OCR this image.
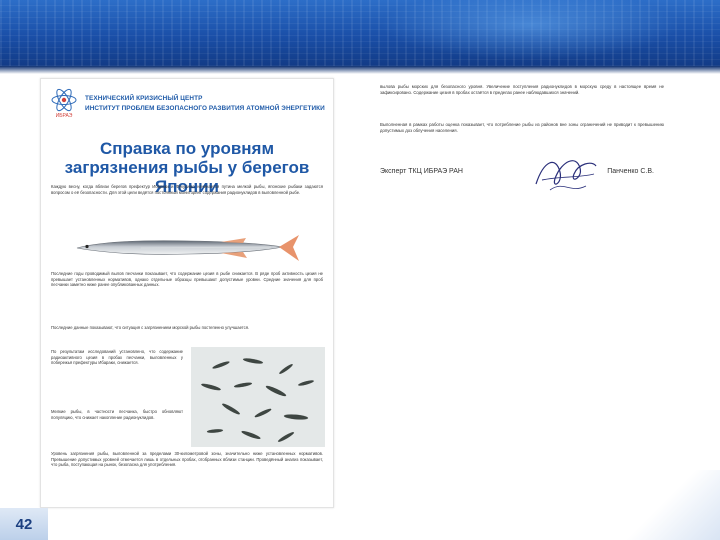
ИБРАЭ
ТЕХНИЧЕСКИЙ КРИЗИСНЫЙ ЦЕНТР
ИНСТИТУТ ПРОБЛЕМ БЕЗОПАСНОГО РАЗВИТИЯ АТОМНОЙ ЭНЕРГЕТИКИ
Справка по уровням загрязнения рыбы у берегов Японии
Каждую весну, когда вблизи берегов префектур Ибараки и Фукусима начинается путина мелкой рыбы, японские рыбаки задаются вопросом о её безопасности. Для этой цели ведётся постоянный мониторинг содержания радионуклидов в выловленной рыбе.
Последние годы проводимый вылов песчанки показывает, что содержание цезия в рыбе снижается. В ряде проб активность цезия не превышает установленных нормативов, однако отдельные образцы превышают допустимые уровни. Средние значения для проб песчанки заметно ниже ранее опубликованных данных.
Последние данные показывают, что ситуация с загрязнением морской рыбы постепенно улучшается.
По результатам исследований установлено, что содержание радиоактивного цезия в пробах песчанки, выловленных у побережья префектуры Ибараки, снижается.
Мелкие рыбы, в частности песчанка, быстро обновляют популяцию, что снижает накопление радионуклидов.
Уровень загрязнения рыбы, выловленной за пределами 30-километровой зоны, значительно ниже установленных нормативов. Превышение допустимых уровней отмечается лишь в отдельных пробах, отобранных вблизи станции. Проведённый анализ показывает, что рыба, поступающая на рынок, безопасна для употребления.
вылова рыбы морских для безопасного уровня. Увеличение поступления радионуклидов в морскую среду в настоящее время не зафиксировано. Содержание цезия в пробах остаётся в пределах ранее наблюдавшихся значений.
Выполненная в рамках работы оценка показывает, что потребление рыбы из районов вне зоны ограничений не приводит к превышению допустимых доз облучения населения.
Эксперт ТКЦ ИБРАЭ РАН	Панченко С.В.
42
